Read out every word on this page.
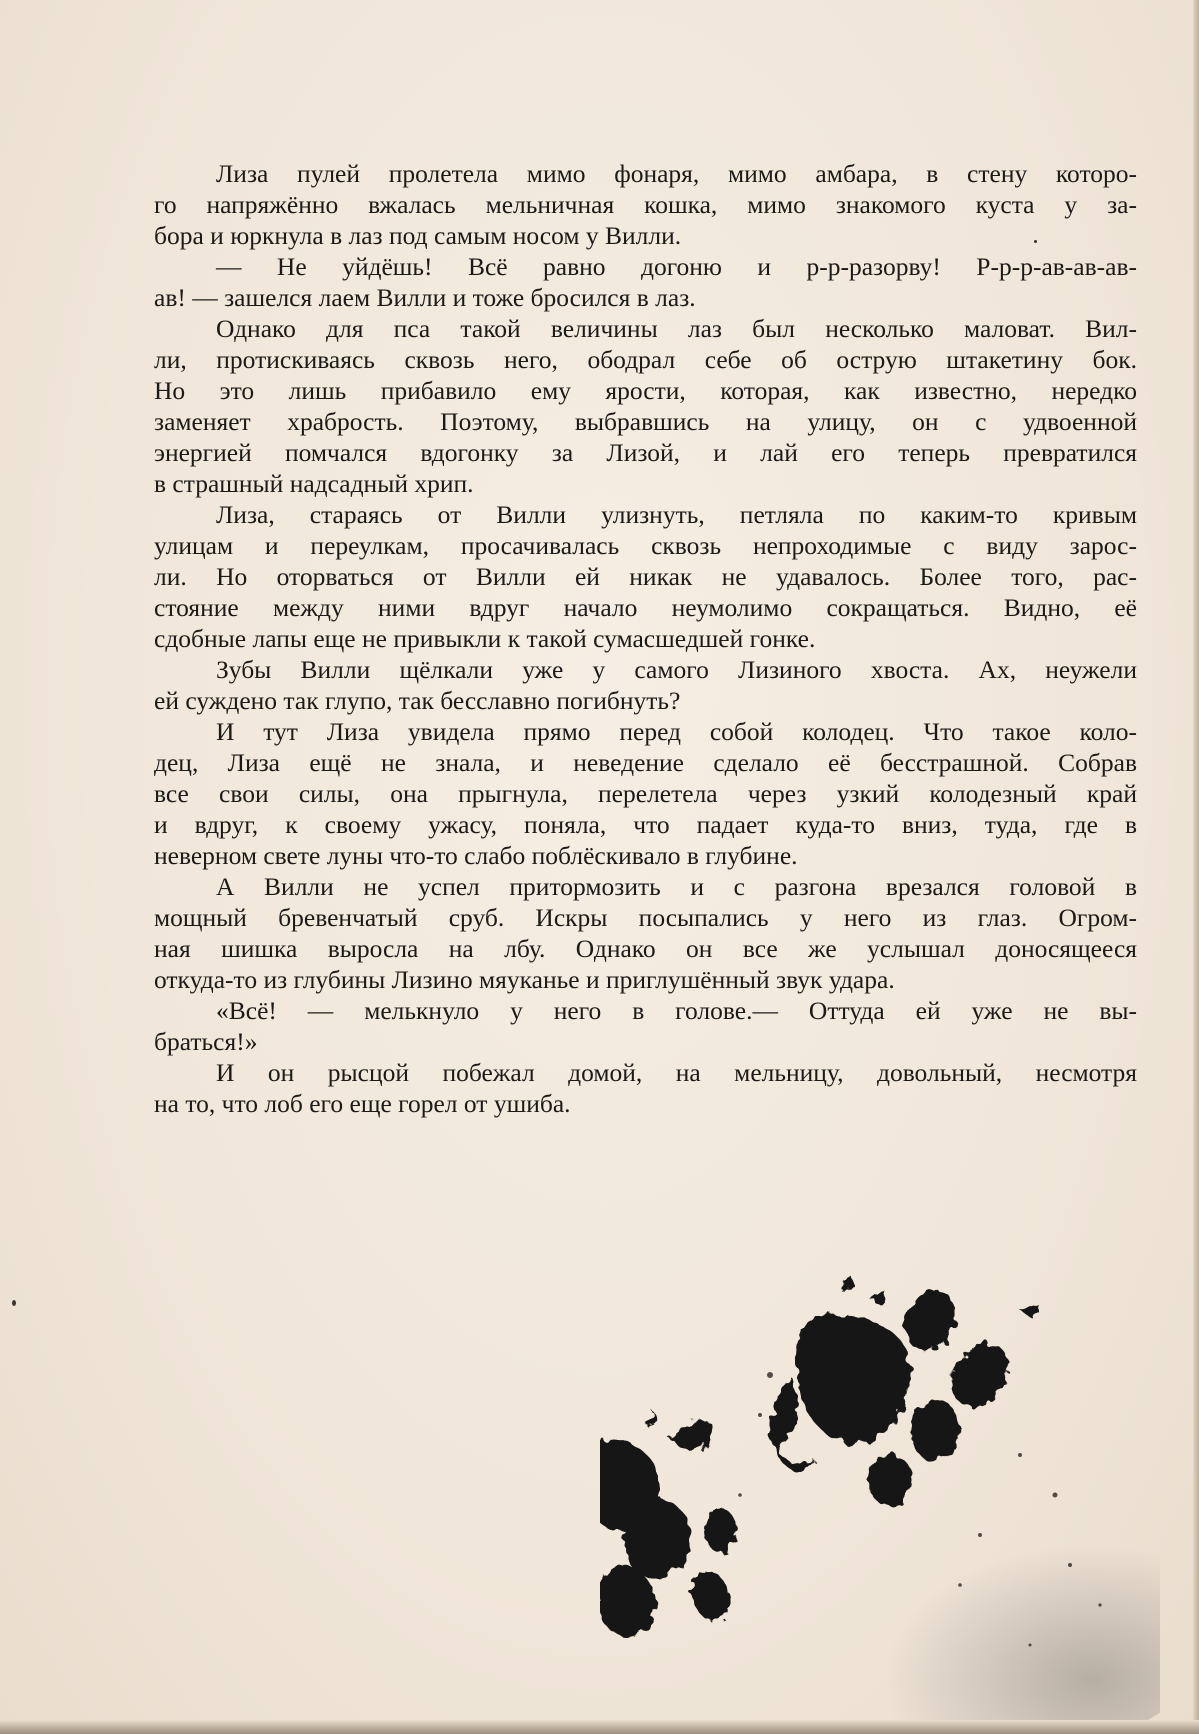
Лиза пулей пролетела мимо фонаря, мимо амбара, в стену которо-
го напряжённо вжалась мельничная кошка, мимо знакомого куста у за-
бора и юркнула в лаз под самым носом у Вилли.
— Не уйдёшь! Всё равно догоню и р-р-разорву! Р-р-р-ав-ав-ав-
ав! — зашелся лаем Вилли и тоже бросился в лаз.
Однако для пса такой величины лаз был несколько маловат. Вил-
ли, протискиваясь сквозь него, ободрал себе об острую штакетину бок.
Но это лишь прибавило ему ярости, которая, как известно, нередко
заменяет храбрость. Поэтому, выбравшись на улицу, он с удвоенной
энергией помчался вдогонку за Лизой, и лай его теперь превратился
в страшный надсадный хрип.
Лиза, стараясь от Вилли улизнуть, петляла по каким-то кривым
улицам и переулкам, просачивалась сквозь непроходимые с виду зарос-
ли. Но оторваться от Вилли ей никак не удавалось. Более того, рас-
стояние между ними вдруг начало неумолимо сокращаться. Видно, её
сдобные лапы еще не привыкли к такой сумасшедшей гонке.
Зубы Вилли щёлкали уже у самого Лизиного хвоста. Ах, неужели
ей суждено так глупо, так бесславно погибнуть?
И тут Лиза увидела прямо перед собой колодец. Что такое коло-
дец, Лиза ещё не знала, и неведение сделало её бесстрашной. Собрав
все свои силы, она прыгнула, перелетела через узкий колодезный край
и вдруг, к своему ужасу, поняла, что падает куда-то вниз, туда, где в
неверном свете луны что-то слабо поблёскивало в глубине.
А Вилли не успел притормозить и с разгона врезался головой в
мощный бревенчатый сруб. Искры посыпались у него из глаз. Огром-
ная шишка выросла на лбу. Однако он все же услышал доносящееся
откуда-то из глубины Лизино мяуканье и приглушённый звук удара.
«Всё! — мелькнуло у него в голове.— Оттуда ей уже не вы-
браться!»
И он рысцой побежал домой, на мельницу, довольный, несмотря
на то, что лоб его еще горел от ушиба.
